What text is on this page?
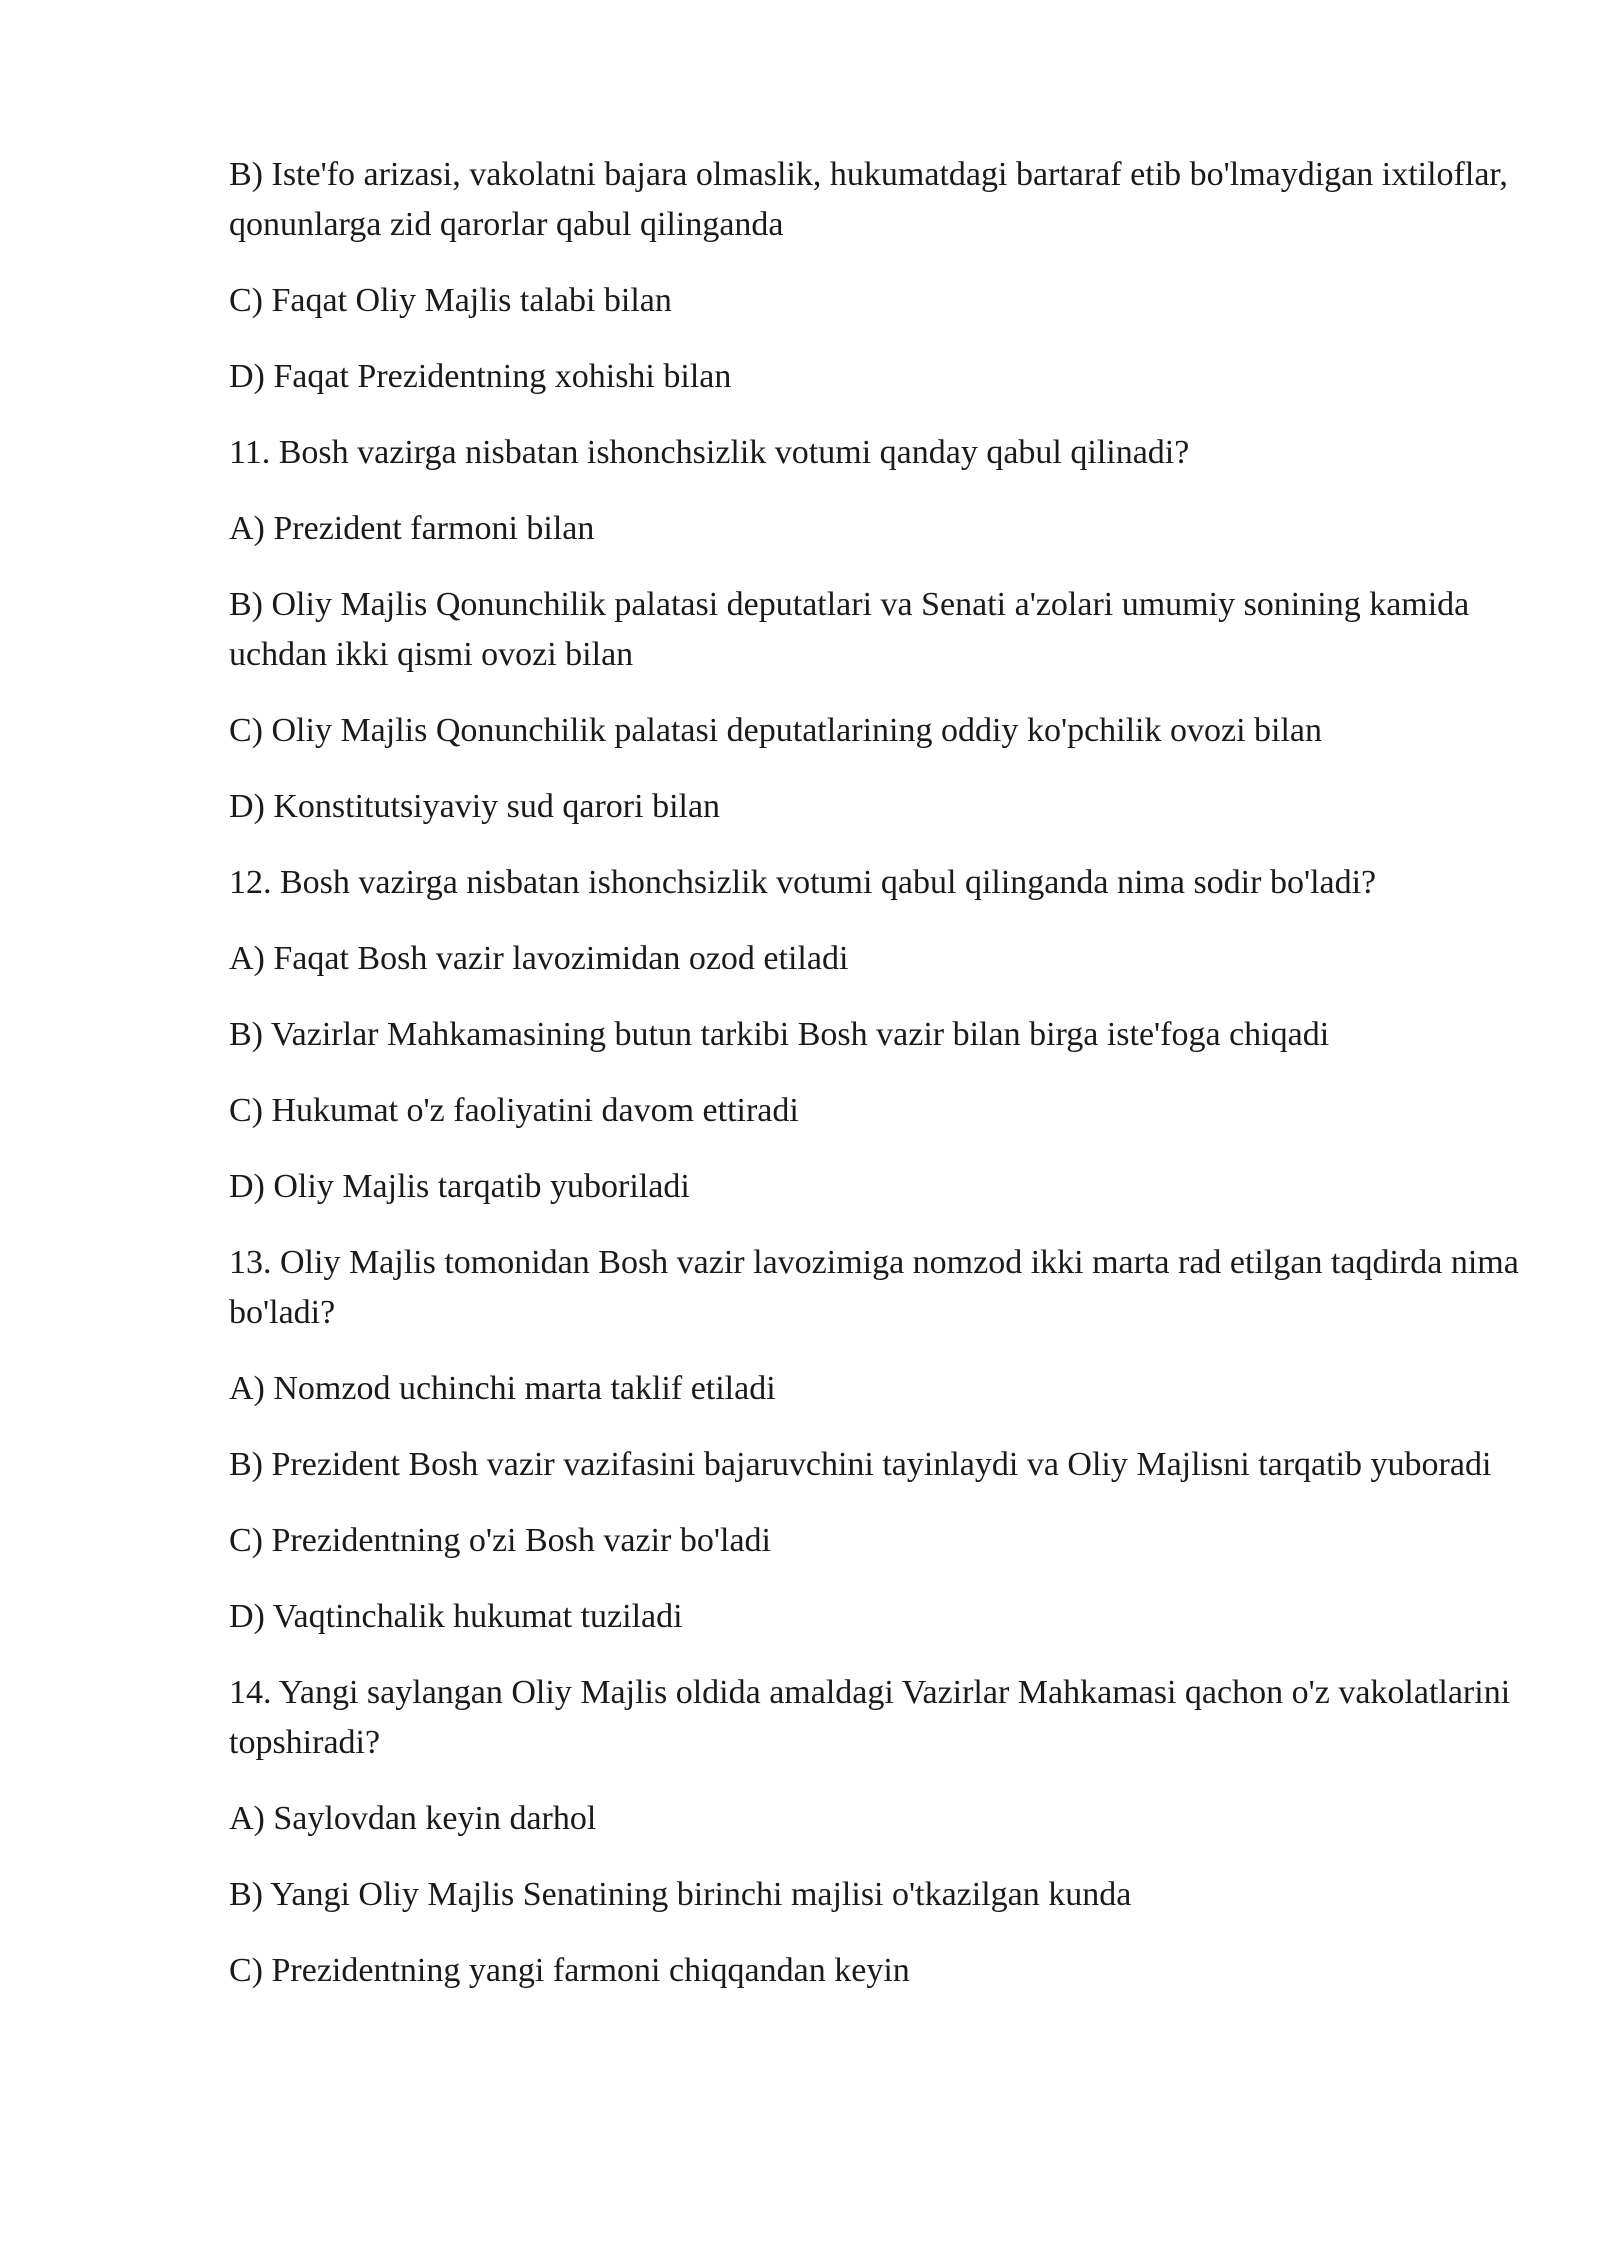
B) Iste'fo arizasi, vakolatni bajara olmaslik, hukumatdagi bartaraf etib bo'lmaydigan ixtiloflar, qonunlarga zid qarorlar qabul qilinganda

C) Faqat Oliy Majlis talabi bilan

D) Faqat Prezidentning xohishi bilan

11. Bosh vazirga nisbatan ishonchsizlik votumi qanday qabul qilinadi?

A) Prezident farmoni bilan

B) Oliy Majlis Qonunchilik palatasi deputatlari va Senati a'zolari umumiy sonining kamida uchdan ikki qismi ovozi bilan

C) Oliy Majlis Qonunchilik palatasi deputatlarining oddiy ko'pchilik ovozi bilan

D) Konstitutsiyaviy sud qarori bilan

12. Bosh vazirga nisbatan ishonchsizlik votumi qabul qilinganda nima sodir bo'ladi?

A) Faqat Bosh vazir lavozimidan ozod etiladi

B) Vazirlar Mahkamasining butun tarkibi Bosh vazir bilan birga iste'foga chiqadi

C) Hukumat o'z faoliyatini davom ettiradi

D) Oliy Majlis tarqatib yuboriladi

13. Oliy Majlis tomonidan Bosh vazir lavozimiga nomzod ikki marta rad etilgan taqdirda nima bo'ladi?

A) Nomzod uchinchi marta taklif etiladi

B) Prezident Bosh vazir vazifasini bajaruvchini tayinlaydi va Oliy Majlisni tarqatib yuboradi

C) Prezidentning o'zi Bosh vazir bo'ladi

D) Vaqtinchalik hukumat tuziladi

14. Yangi saylangan Oliy Majlis oldida amaldagi Vazirlar Mahkamasi qachon o'z vakolatlarini topshiradi?

A) Saylovdan keyin darhol

B) Yangi Oliy Majlis Senatining birinchi majlisi o'tkazilgan kunda

C) Prezidentning yangi farmoni chiqqandan keyin
